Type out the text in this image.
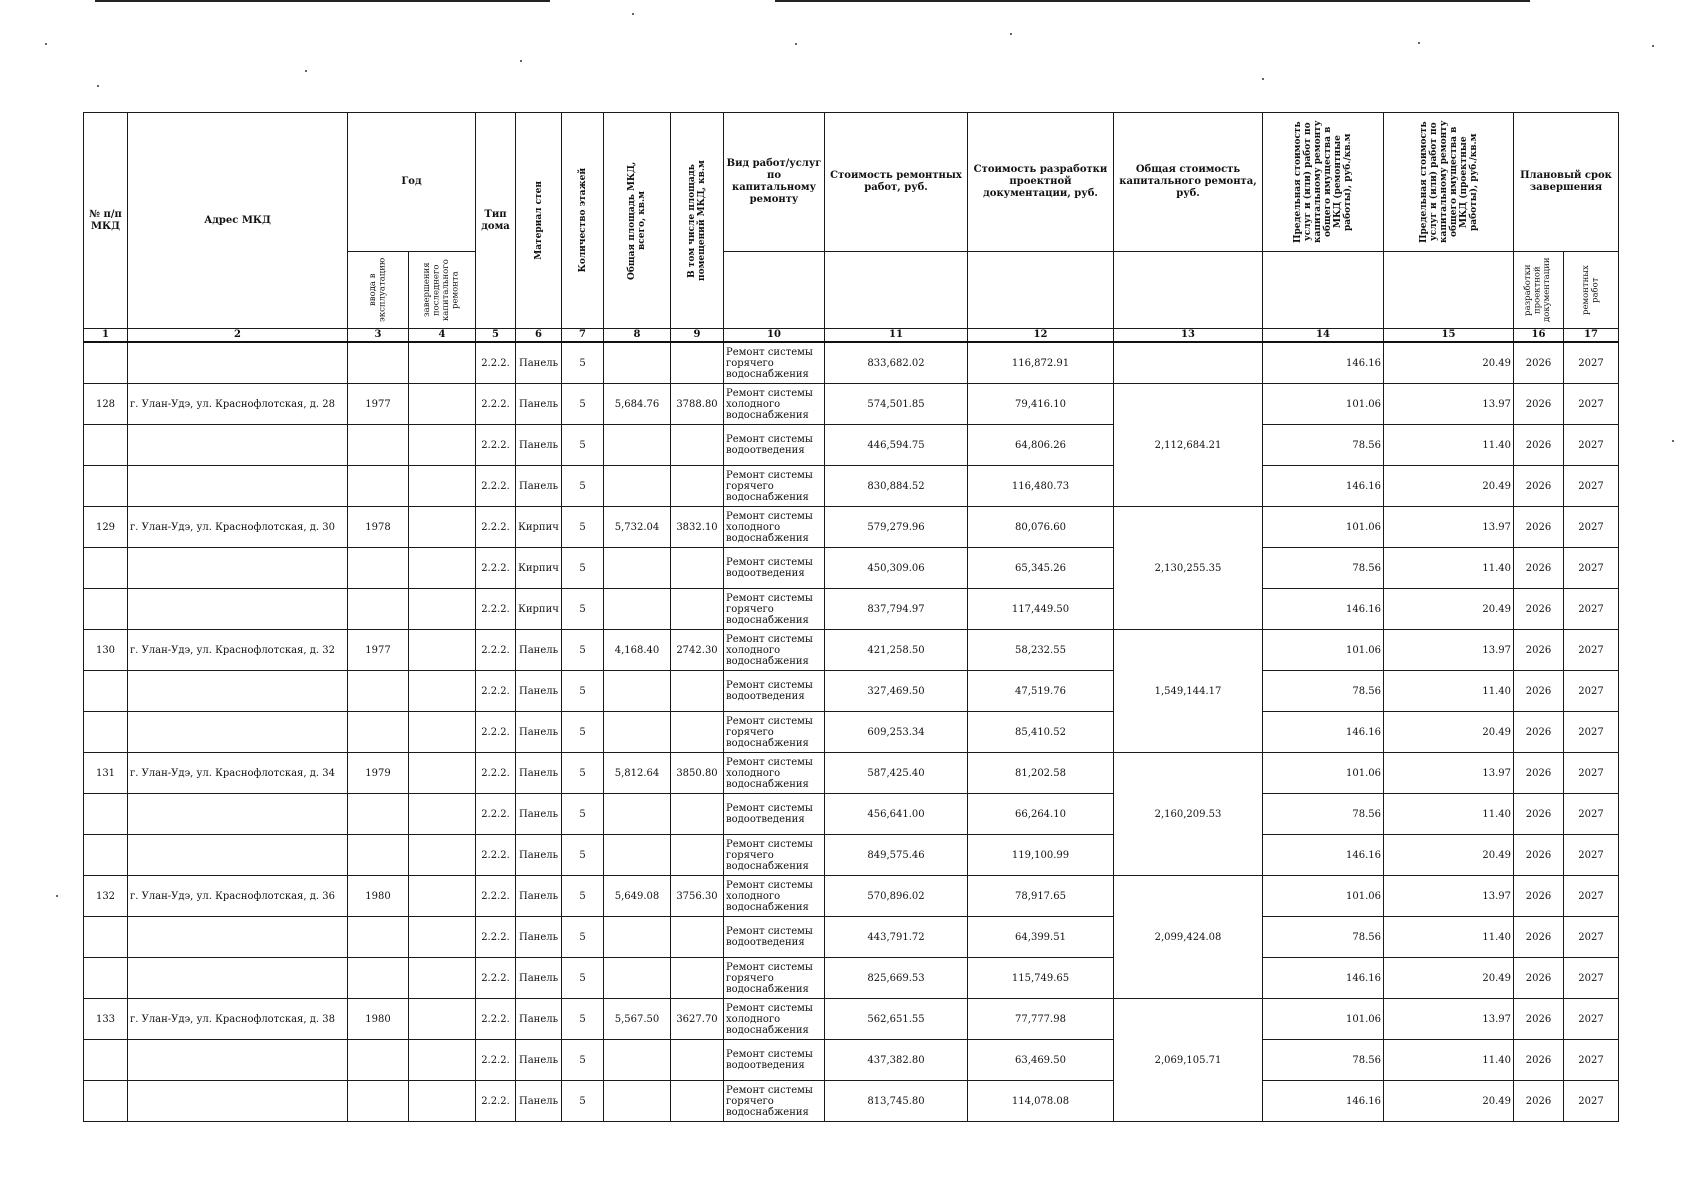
№ п/п МКД	Адрес МКД	Год		Тип дома	Материал стен	Количество этажей	Общая площадь МКД, всего, кв.м	В том числе площадь помещений МКД, кв.м	Вид работ/услуг по капитальному ремонту	Стоимость ремонтных работ, руб.	Стоимость разработки проектной документации, руб.	Общая стоимость капитального ремонта, руб.	Предельная стоимость услуг и (или) работ по капитальному ремонту общего имущества в МКД (ремонтные работы), руб./кв.м	Предельная стоимость услуг и (или) работ по капитальному ремонту общего имущества в МКД (проектные работы), руб./кв.м	Плановый срок завершения	

		ввода в эксплуатацию	завершения последнего капитального ремонта												разработки проектной документации	ремонтных работ

1	2	3	4	5	6	7	8	9	10	11	12	13	14	15	16	17
				2.2.2.	Панель	5			Ремонт системы горячего водоснабжения	833,682.02	116,872.91		146.16	20.49	2026	2027
128	г. Улан-Удэ, ул. Краснофлотская, д. 28	1977		2.2.2.	Панель	5	5,684.76	3788.80	Ремонт системы холодного водоснабжения	574,501.85	79,416.10	2,112,684.21	101.06	13.97	2026	2027
				2.2.2.	Панель	5			Ремонт системы водоотведения	446,594.75	64,806.26		78.56	11.40	2026	2027
				2.2.2.	Панель	5			Ремонт системы горячего водоснабжения	830,884.52	116,480.73		146.16	20.49	2026	2027
129	г. Улан-Удэ, ул. Краснофлотская, д. 30	1978		2.2.2.	Кирпич	5	5,732.04	3832.10	Ремонт системы холодного водоснабжения	579,279.96	80,076.60	2,130,255.35	101.06	13.97	2026	2027
				2.2.2.	Кирпич	5			Ремонт системы водоотведения	450,309.06	65,345.26		78.56	11.40	2026	2027
				2.2.2.	Кирпич	5			Ремонт системы горячего водоснабжения	837,794.97	117,449.50		146.16	20.49	2026	2027
130	г. Улан-Удэ, ул. Краснофлотская, д. 32	1977		2.2.2.	Панель	5	4,168.40	2742.30	Ремонт системы холодного водоснабжения	421,258.50	58,232.55	1,549,144.17	101.06	13.97	2026	2027
				2.2.2.	Панель	5			Ремонт системы водоотведения	327,469.50	47,519.76		78.56	11.40	2026	2027
				2.2.2.	Панель	5			Ремонт системы горячего водоснабжения	609,253.34	85,410.52		146.16	20.49	2026	2027
131	г. Улан-Удэ, ул. Краснофлотская, д. 34	1979		2.2.2.	Панель	5	5,812.64	3850.80	Ремонт системы холодного водоснабжения	587,425.40	81,202.58	2,160,209.53	101.06	13.97	2026	2027
				2.2.2.	Панель	5			Ремонт системы водоотведения	456,641.00	66,264.10		78.56	11.40	2026	2027
				2.2.2.	Панель	5			Ремонт системы горячего водоснабжения	849,575.46	119,100.99		146.16	20.49	2026	2027
132	г. Улан-Удэ, ул. Краснофлотская, д. 36	1980		2.2.2.	Панель	5	5,649.08	3756.30	Ремонт системы холодного водоснабжения	570,896.02	78,917.65	2,099,424.08	101.06	13.97	2026	2027
				2.2.2.	Панель	5			Ремонт системы водоотведения	443,791.72	64,399.51		78.56	11.40	2026	2027
				2.2.2.	Панель	5			Ремонт системы горячего водоснабжения	825,669.53	115,749.65		146.16	20.49	2026	2027
133	г. Улан-Удэ, ул. Краснофлотская, д. 38	1980		2.2.2.	Панель	5	5,567.50	3627.70	Ремонт системы холодного водоснабжения	562,651.55	77,777.98	2,069,105.71	101.06	13.97	2026	2027
				2.2.2.	Панель	5			Ремонт системы водоотведения	437,382.80	63,469.50		78.56	11.40	2026	2027
				2.2.2.	Панель	5			Ремонт системы горячего водоснабжения	813,745.80	114,078.08		146.16	20.49	2026	2027
